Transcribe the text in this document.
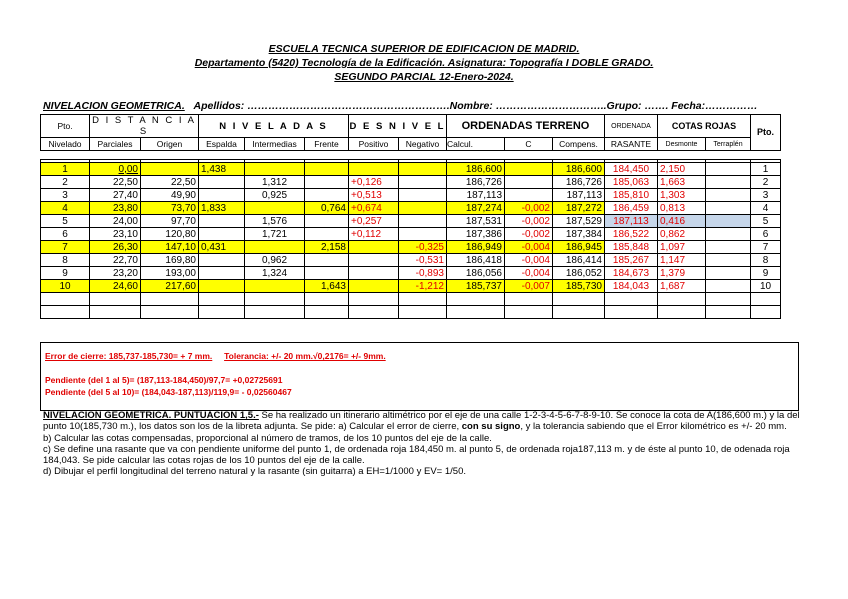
ESCUELA TECNICA SUPERIOR DE EDIFICACION DE MADRID.
Departamento (5420) Tecnología de la Edificación. Asignatura: Topografía I DOBLE GRADO.
SEGUNDO PARCIAL 12-Enero-2024.
NIVELACION GEOMETRICA. Apellidos: ………………………………………………….Nombre: …………………………..Grupo: ……. Fecha:……………
Pto.	D I S T A N C I A S		N I V E L A D A S			D E S N I V E L		ORDENADAS TERRENO			ORDENADA	COTAS ROJAS		Pto.
Nivelado	Parciales	Origen	Espalda	Intermedias	Frente	Positivo	Negativo	Calcul.	C	Compens.	RASANTE	Desmonte	Terraplén	

1	0,00		1,438					186,600		186,600	184,450	2,150		1
2	22,50	22,50		1,312		+0,126		186,726		186,726	185,063	1,663		2
3	27,40	49,90		0,925		+0,513		187,113		187,113	185,810	1,303		3
4	23,80	73,70	1,833		0,764	+0,674		187,274	-0,002	187,272	186,459	0,813		4
5	24,00	97,70		1,576		+0,257		187,531	-0,002	187,529	187,113	0,416		5
6	23,10	120,80		1,721		+0,112		187,386	-0,002	187,384	186,522	0,862		6
7	26,30	147,10	0,431		2,158		-0,325	186,949	-0,004	186,945	185,848	1,097		7
8	22,70	169,80		0,962			-0,531	186,418	-0,004	186,414	185,267	1,147		8
9	23,20	193,00		1,324			-0,893	186,056	-0,004	186,052	184,673	1,379		9
10	24,60	217,60			1,643		-1,212	185,737	-0,007	185,730	184,043	1,687		10

Error de cierre: 185,737-185,730= + 7 mm. Tolerancia: +/- 20 mm.√0,2176= +/- 9mm.
Pendiente (del 1 al 5)= (187,113-184,450)/97,7= +0,02725691
Pendiente (del 5 al 10)= (184,043-187,113)/119,9= - 0,02560467

NIVELACION GEOMETRICA. PUNTUACION 1,5.- Se ha realizado un itinerario altimétrico por el eje de una calle 1-2-3-4-5-6-7-8-9-10. Se conoce la cota de A(186,600 m.) y la del punto 10(185,730 m.), los datos son los de la libreta adjunta. Se pide: a) Calcular el error de cierre, con su signo, y la tolerancia sabiendo que el Error kilométrico es +/- 20 mm.

b) Calcular las cotas compensadas, proporcional al número de tramos, de los 10 puntos del eje de la calle.

c) Se define una rasante que va con pendiente uniforme del punto 1, de ordenada roja 184,450 m. al punto 5, de ordenada roja187,113 m. y de éste al punto 10, de odenada roja 184,043. Se pide calcular las cotas rojas de los 10 puntos del eje de la calle.

d) Dibujar el perfil longitudinal del terreno natural y la rasante (sin guitarra) a EH=1/1000 y EV= 1/50.
